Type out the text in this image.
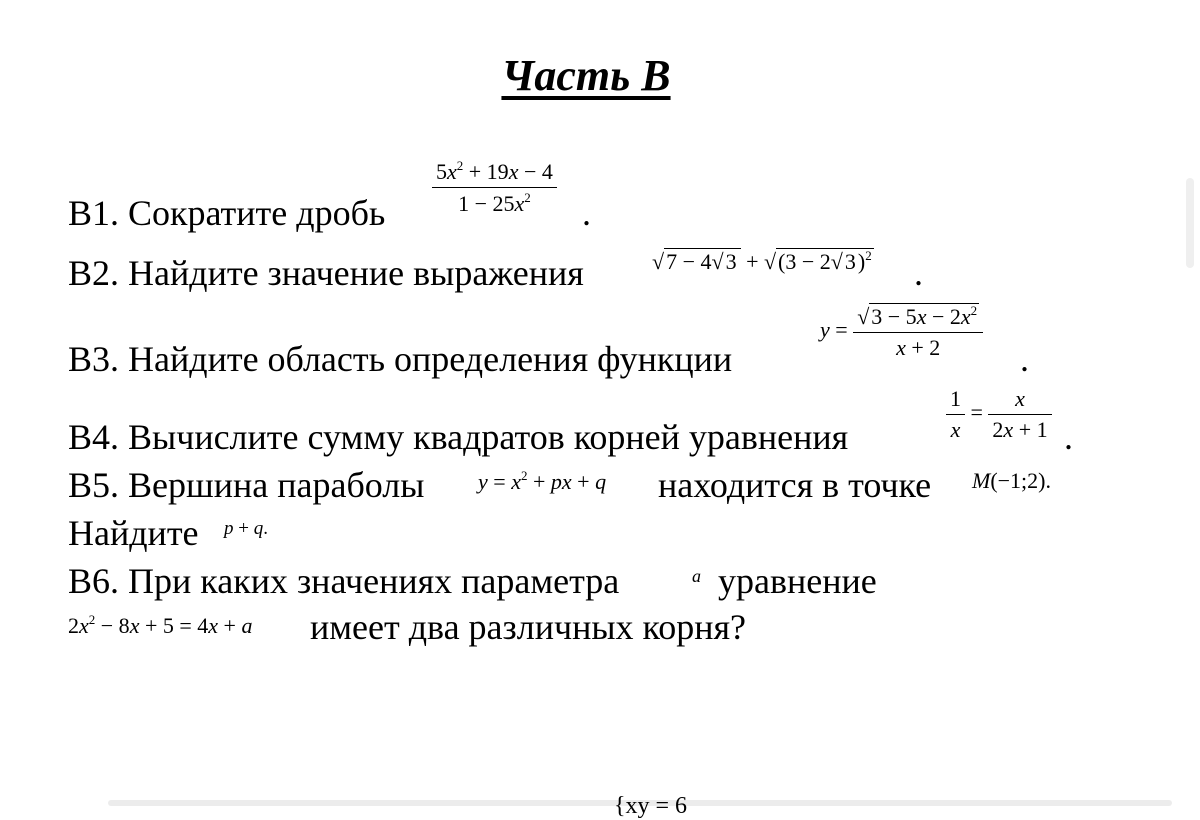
Часть В
В1. Сократите дробь $\frac{5x^2 + 19x - 4}{1 - 25x^2}$ .
В2. Найдите значение выражения	$√7 - 4√3 + √(3 - 2√3)^2$ .
В3. Найдите область определения функции
$y = \frac{√3 - 5x - 2x^2}{x + 2}$ .
В4. Вычислите сумму квадратов корней уравнения	$\frac{1}{x} = \frac{x}{2x + 1}$ .
В5. Вершина параболы $y = x^2$ + px + q находится в точке M(−1;2).
Найдите p + q.
В6. При каких значениях параметра	a уравнение
$2x^2 - 8x + 5 = 4x + a$ имеет два различных корня?
{xy = 6
